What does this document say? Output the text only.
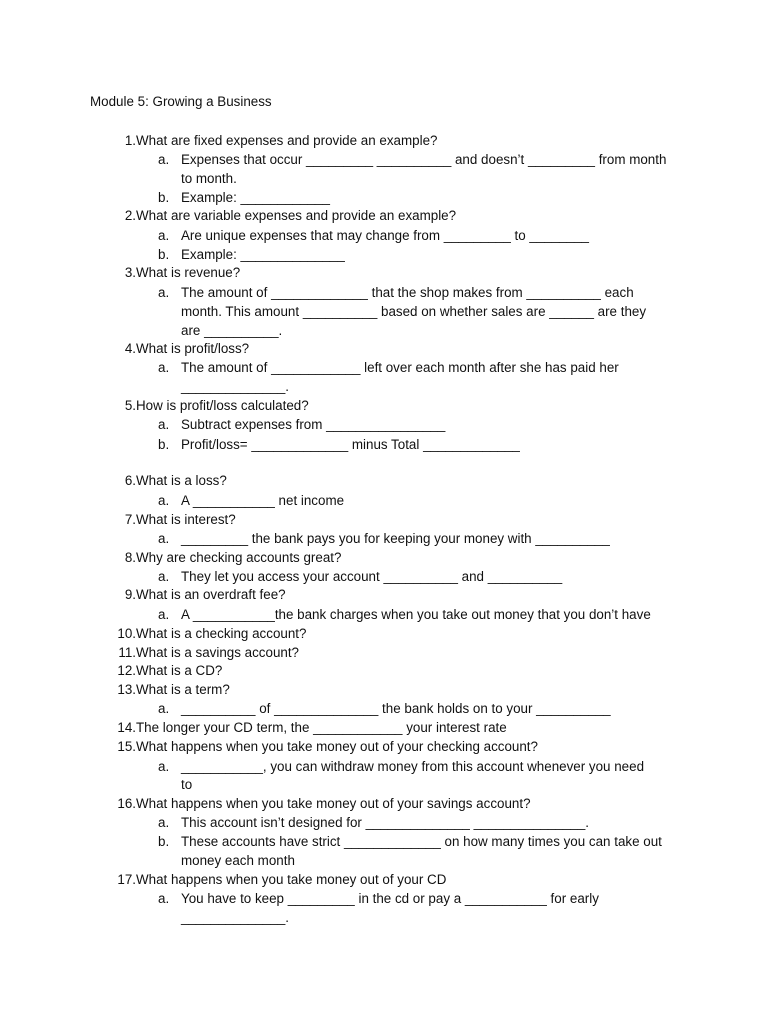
Module 5: Growing a Business
1. What are fixed expenses and provide an example?
a. Expenses that occur _________ __________ and doesn’t _________ from month
to month.
b. Example: ____________
2. What are variable expenses and provide an example?
a. Are unique expenses that may change from _________ to ________
b. Example: ______________
3. What is revenue?
a. The amount of _____________ that the shop makes from __________ each
month. This amount __________ based on whether sales are ______ are they
are __________.
4. What is profit/loss?
a. The amount of ____________ left over each month after she has paid her
______________.
5. How is profit/loss calculated?
a. Subtract expenses from ________________
b. Profit/loss= _____________ minus Total _____________
6. What is a loss?
a. A ___________ net income
7. What is interest?
a. _________ the bank pays you for keeping your money with __________
8. Why are checking accounts great?
a. They let you access your account __________ and __________
9. What is an overdraft fee?
a. A ___________the bank charges when you take out money that you don’t have
10. What is a checking account?
11. What is a savings account?
12. What is a CD?
13. What is a term?
a. __________ of ______________ the bank holds on to your __________
14. The longer your CD term, the ____________ your interest rate
15. What happens when you take money out of your checking account?
a. ___________, you can withdraw money from this account whenever you need
to
16. What happens when you take money out of your savings account?
a. This account isn’t designed for ______________ _______________.
b. These accounts have strict _____________ on how many times you can take out
money each month
17. What happens when you take money out of your CD
a. You have to keep _________ in the cd or pay a ___________ for early
______________.
